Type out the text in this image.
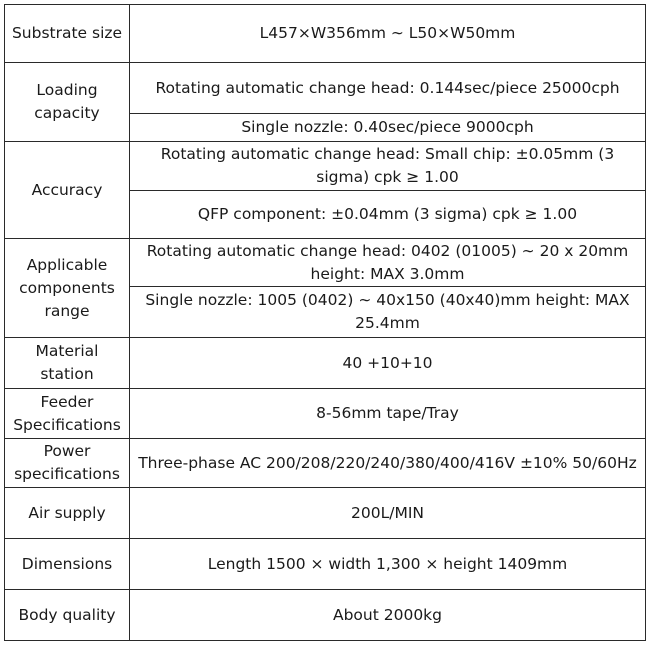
Substrate size	L457×W356mm ∼ L50×W50mm
Loading capacity	Rotating automatic change head: 0.144sec/piece 25000cph
	Single nozzle: 0.40sec/piece 9000cph
Accuracy	Rotating automatic change head: Small chip: ±0.05mm (3 sigma) cpk ≥ 1.00
	QFP component: ±0.04mm (3 sigma) cpk ≥ 1.00
Applicable components range	Rotating automatic change head: 0402 (01005) ∼ 20 x 20mm height: MAX 3.0mm
	Single nozzle: 1005 (0402) ∼ 40x150 (40x40)mm height: MAX 25.4mm
Material station	40 +10+10
Feeder Specifications	8-56mm tape/Tray
Power specifications	Three-phase AC 200/208/220/240/380/400/416V ±10% 50/60Hz
Air supply	200L/MIN
Dimensions	Length 1500 × width 1,300 × height 1409mm
Body quality	About 2000kg
